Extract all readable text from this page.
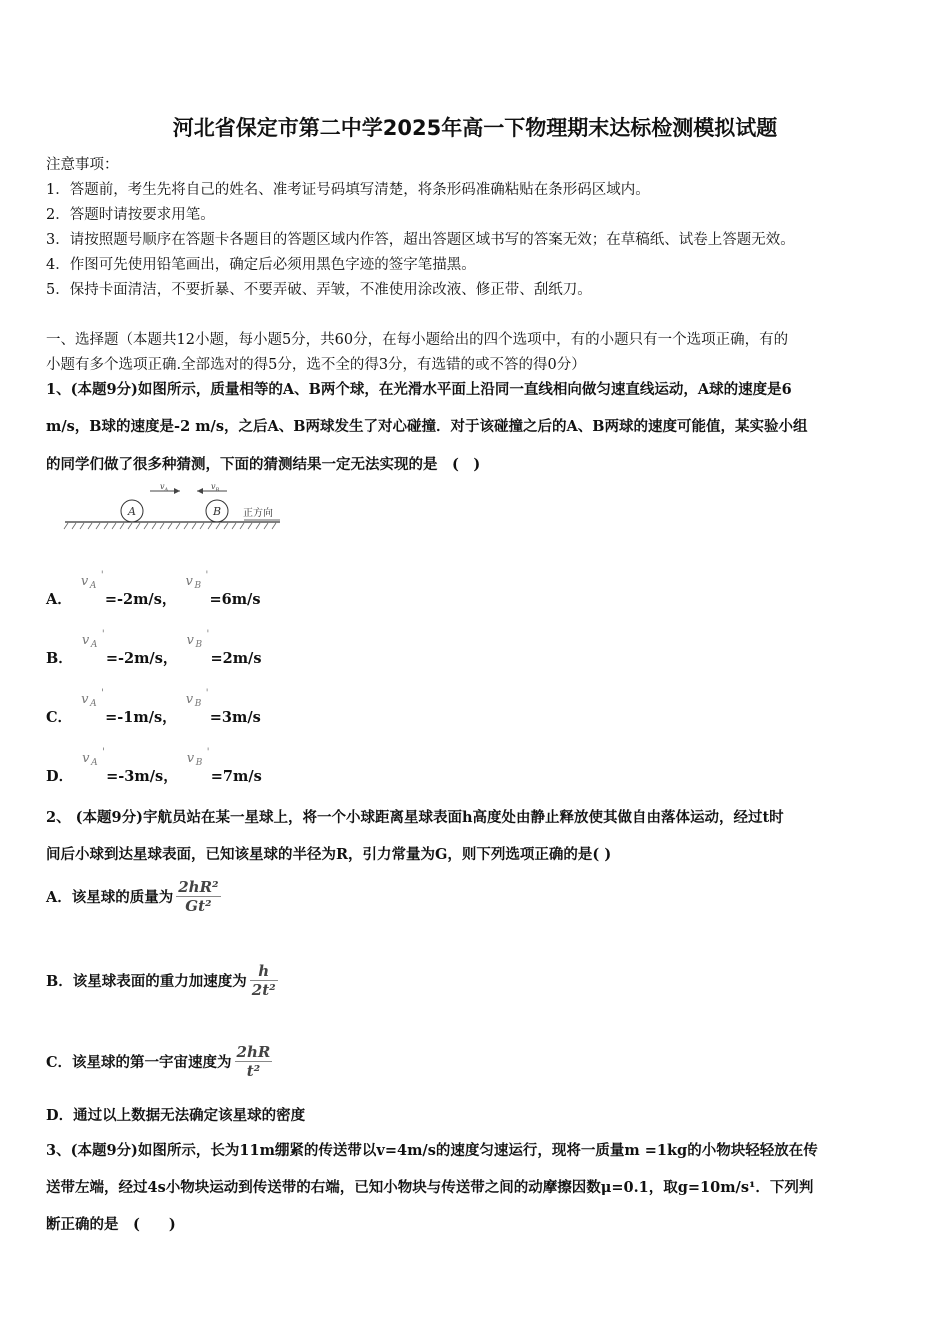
河北省保定市第二中学2025年高一下物理期末达标检测模拟试题
注意事项：
1．答题前，考生先将自己的姓名、准考证号码填写清楚，将条形码准确粘贴在条形码区域内。
2．答题时请按要求用笔。
3．请按照题号顺序在答题卡各题目的答题区域内作答，超出答题区域书写的答案无效；在草稿纸、试卷上答题无效。
4．作图可先使用铅笔画出，确定后必须用黑色字迹的签字笔描黑。
5．保持卡面清洁，不要折暴、不要弄破、弄皱，不准使用涂改液、修正带、刮纸刀。
一、选择题（本题共12小题，每小题5分，共60分，在每小题给出的四个选项中，有的小题只有一个选项正确，有的
小题有多个选项正确.全部选对的得5分，选不全的得3分，有选错的或不答的得0分）
1、(本题9分)如图所示，质量相等的A、B两个球，在光滑水平面上沿同一直线相向做匀速直线运动，A球的速度是6
m/s，B球的速度是-2 m/s，之后A、B两球发生了对心碰撞．对于该碰撞之后的A、B两球的速度可能值，某实验小组
的同学们做了很多种猜测，下面的猜测结果一定无法实现的是　(　)
$v_A$	$v_B$
A	B 正方向
A．
v A
'
=-2m/s，
v B
'
=6m/s
B．
v A
'
=-2m/s，
v B
'
=2m/s
C．
v A
'
=-1m/s，
v B
'
=3m/s
D．
v A
'
=-3m/s，
v B
'
=7m/s
2、 (本题9分)宇航员站在某一星球上，将一个小球距离星球表面h高度处由静止释放使其做自由落体运动，经过t时
间后小球到达星球表面，已知该星球的半径为R，引力常量为G，则下列选项正确的是( )
A．该星球的质量为 $\frac{\text{2hR²}}{\text{Gt²}}$
B．该星球表面的重力加速度为 $\frac{h}{\text{2t²}}$
C．该星球的第一宇宙速度为 $\frac{2hR}{\text{t²}}$
D．通过以上数据无法确定该星球的密度
3、(本题9分)如图所示，长为11m绷紧的传送带以v=4m/s的速度匀速运行，现将一质量m =1kg的小物块轻轻放在传
送带左端，经过4s小物块运动到传送带的右端，已知小物块与传送带之间的动摩擦因数μ=0.1，取g=10m/s¹．下列判
断正确的是　(　　)
